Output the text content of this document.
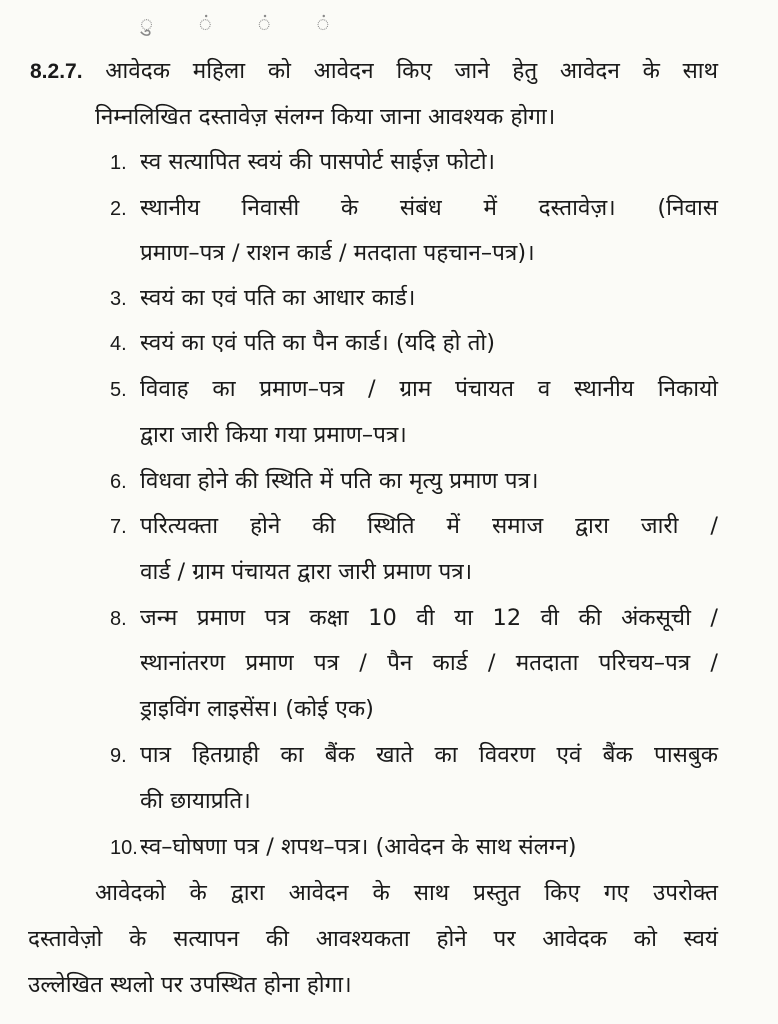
ु ं ं ं
8.2.7. आवेदक महिला को आवेदन किए जाने हेतु आवेदन के साथ
निम्नलिखित दस्तावेज़ संलग्न किया जाना आवश्यक होगा।
1. स्व सत्यापित स्वयं की पासपोर्ट साईज़ फोटो।
2. स्थानीय निवासी के संबंध में दस्तावेज़। (निवास
प्रमाण–पत्र / राशन कार्ड / मतदाता पहचान–पत्र)।
3. स्वयं का एवं पति का आधार कार्ड।
4. स्वयं का एवं पति का पैन कार्ड। (यदि हो तो)
5. विवाह का प्रमाण–पत्र / ग्राम पंचायत व स्थानीय निकायो
द्वारा जारी किया गया प्रमाण–पत्र।
6. विधवा होने की स्थिति में पति का मृत्यु प्रमाण पत्र।
7. परित्यक्ता होने की स्थिति में समाज द्वारा जारी /
वार्ड / ग्राम पंचायत द्वारा जारी प्रमाण पत्र।
8. जन्म प्रमाण पत्र कक्षा 10 वी या 12 वी की अंकसूची /
स्थानांतरण प्रमाण पत्र / पैन कार्ड / मतदाता परिचय–पत्र /
ड्राइविंग लाइसेंस। (कोई एक)
9. पात्र हितग्राही का बैंक खाते का विवरण एवं बैंक पासबुक
की छायाप्रति।
10.स्व–घोषणा पत्र / शपथ–पत्र। (आवेदन के साथ संलग्न)
आवेदको के द्वारा आवेदन के साथ प्रस्तुत किए गए उपरोक्त
दस्तावेज़ो के सत्यापन की आवश्यकता होने पर आवेदक को स्वयं
उल्लेखित स्थलो पर उपस्थित होना होगा।
